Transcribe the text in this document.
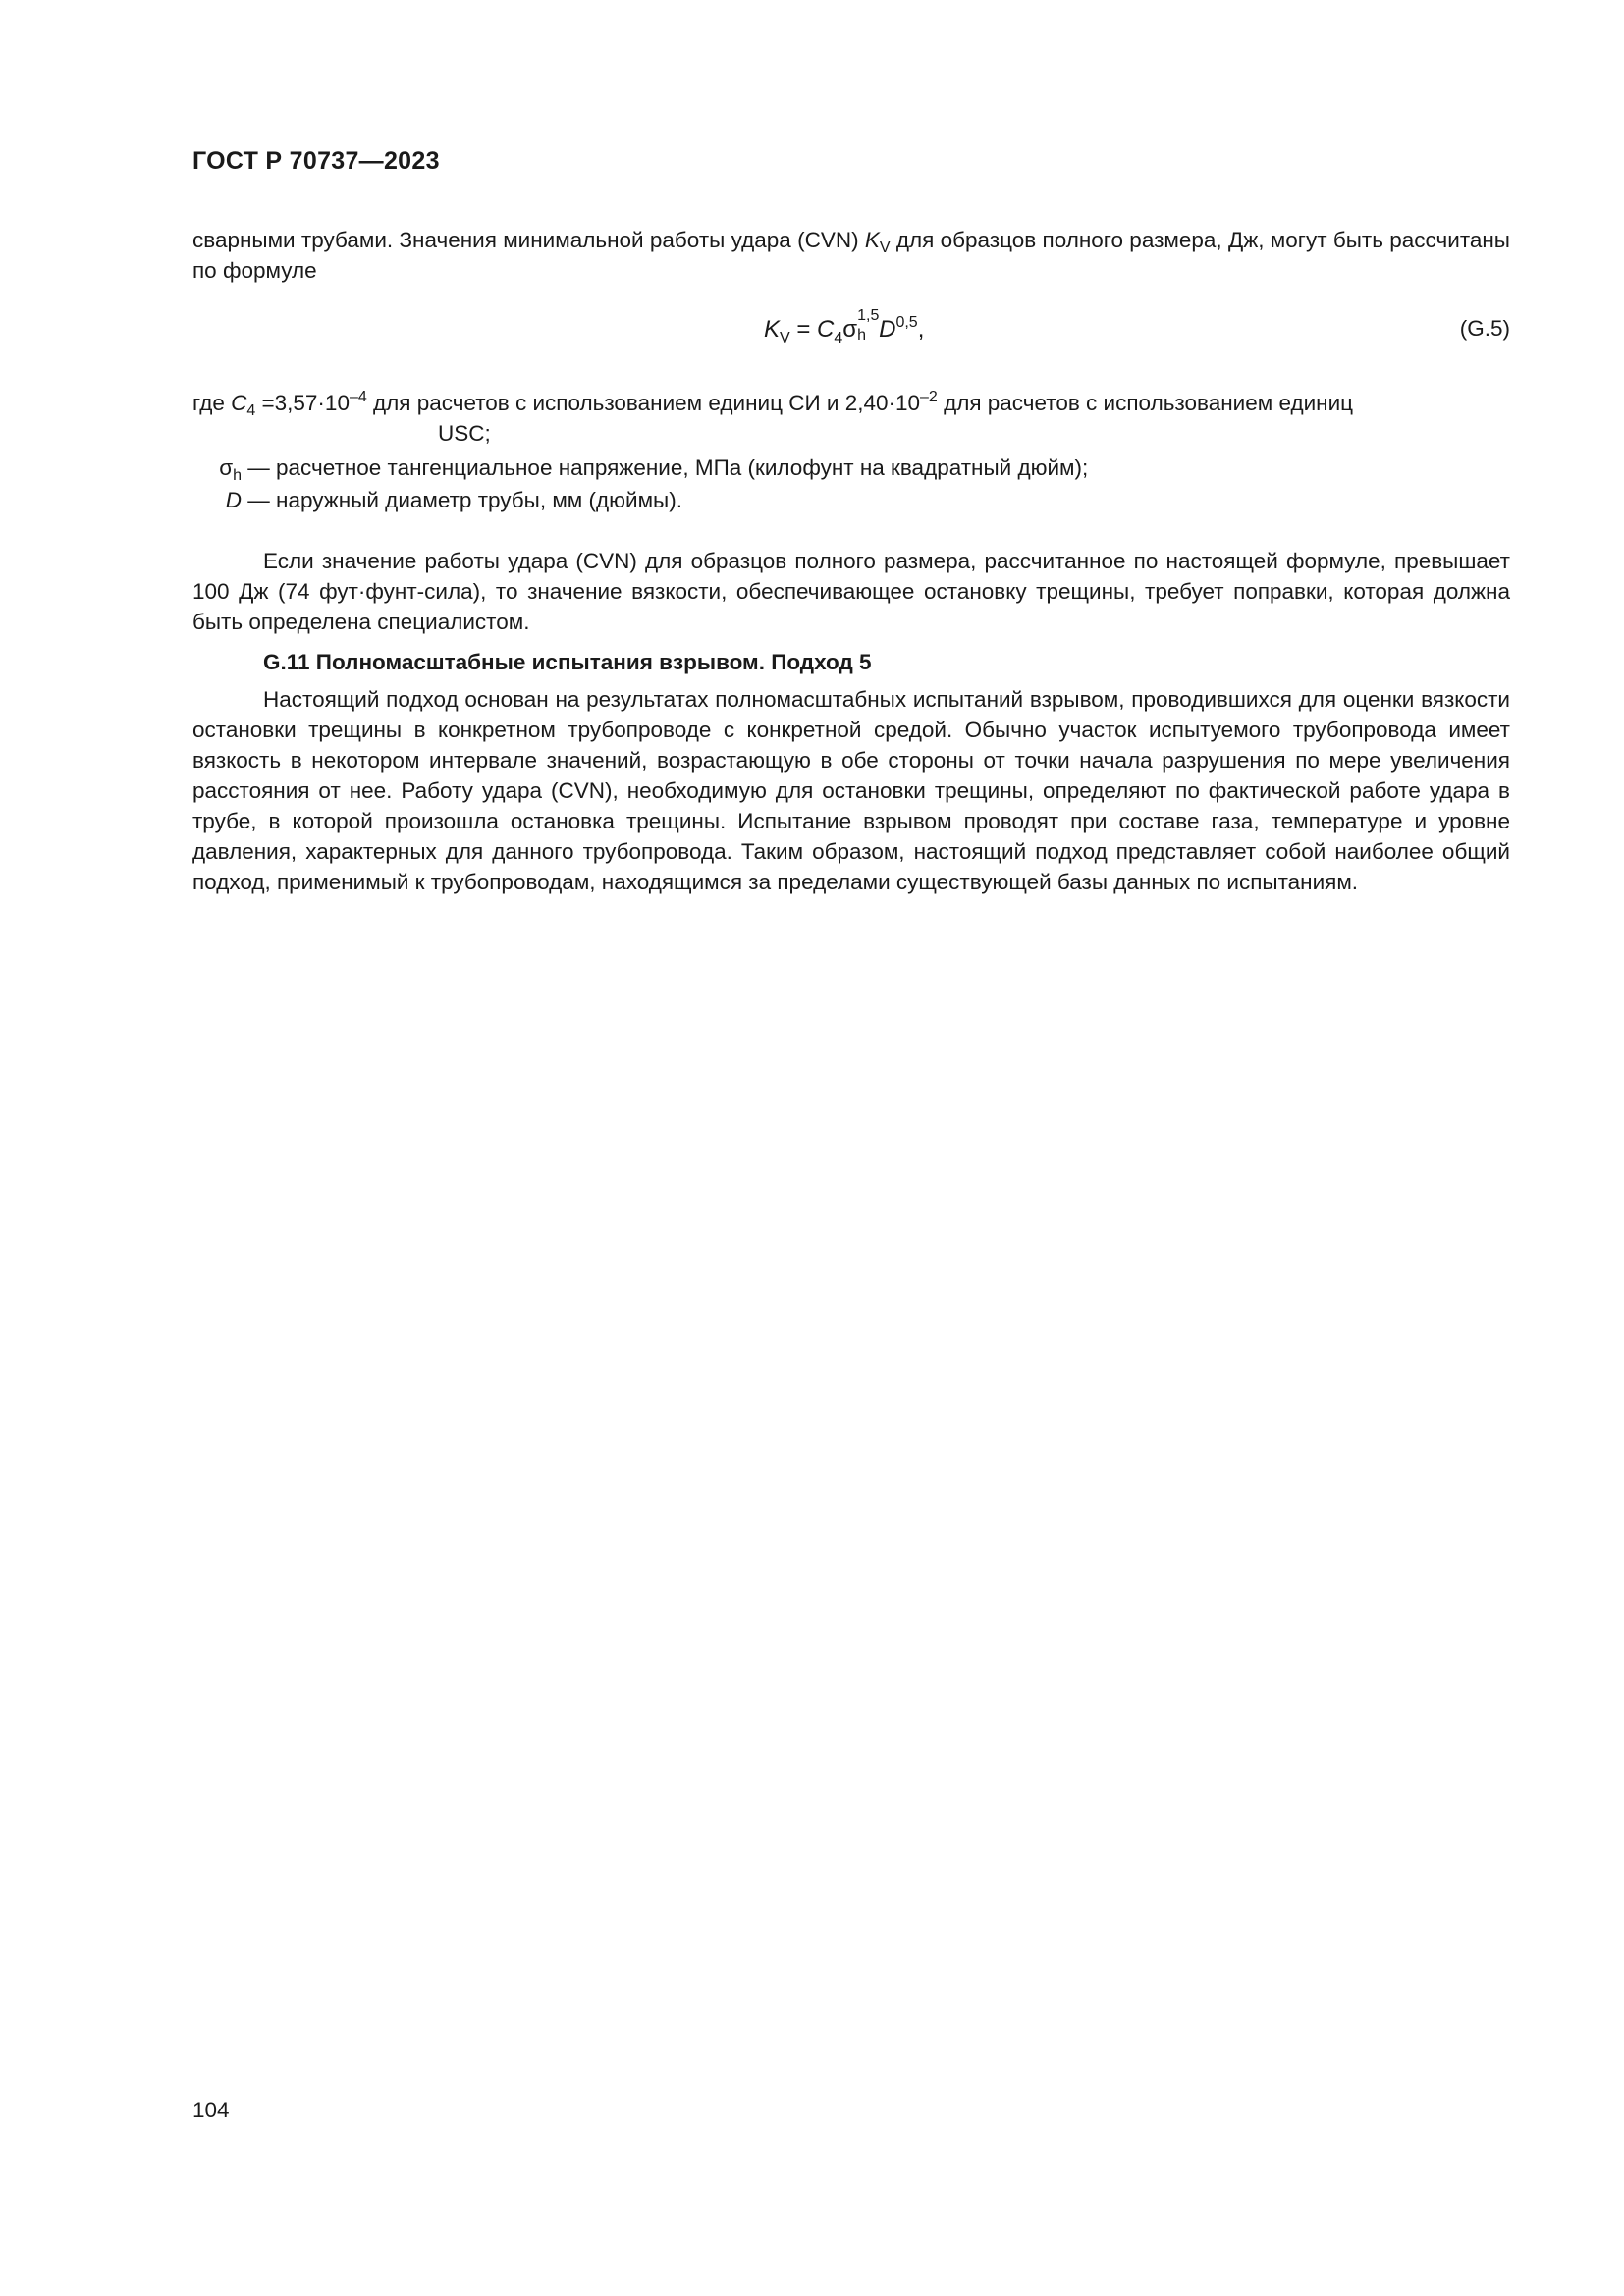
ГОСТ Р 70737—2023
сварными трубами. Значения минимальной работы удара (CVN) $K_V$ для образцов полного размера, Дж, могут быть рассчитаны по формуле
$K_V = C_4\sigma$
1,5
h D$^{0,5}$,	(G.5)
где $C_4 =3,57\cdot 10^{-4}$ для расчетов с использованием единиц СИ и $2,40\cdot 10^{-2}$ для расчетов с использованием единиц
USC;
$\sigma_h$ — расчетное тангенциальное напряжение, МПа (килофунт на квадратный дюйм);
D — наружный диаметр трубы, мм (дюймы).
Если значение работы удара (CVN) для образцов полного размера, рассчитанное по настоящей формуле, превышает 100 Дж (74 фут·фунт-сила), то значение вязкости, обеспечивающее остановку трещины, требует поправки, которая должна быть определена специалистом.
G.11 Полномасштабные испытания взрывом. Подход 5
Настоящий подход основан на результатах полномасштабных испытаний взрывом, проводившихся для оценки вязкости остановки трещины в конкретном трубопроводе с конкретной средой. Обычно участок испытуемого трубопровода имеет вязкость в некотором интервале значений, возрастающую в обе стороны от точки начала разрушения по мере увеличения расстояния от нее. Работу удара (CVN), необходимую для остановки трещины, определяют по фактической работе удара в трубе, в которой произошла остановка трещины. Испытание взрывом проводят при составе газа, температуре и уровне давления, характерных для данного трубопровода. Таким образом, настоящий подход представляет собой наиболее общий подход, применимый к трубопроводам, находящимся за пределами существующей базы данных по испытаниям.
104
